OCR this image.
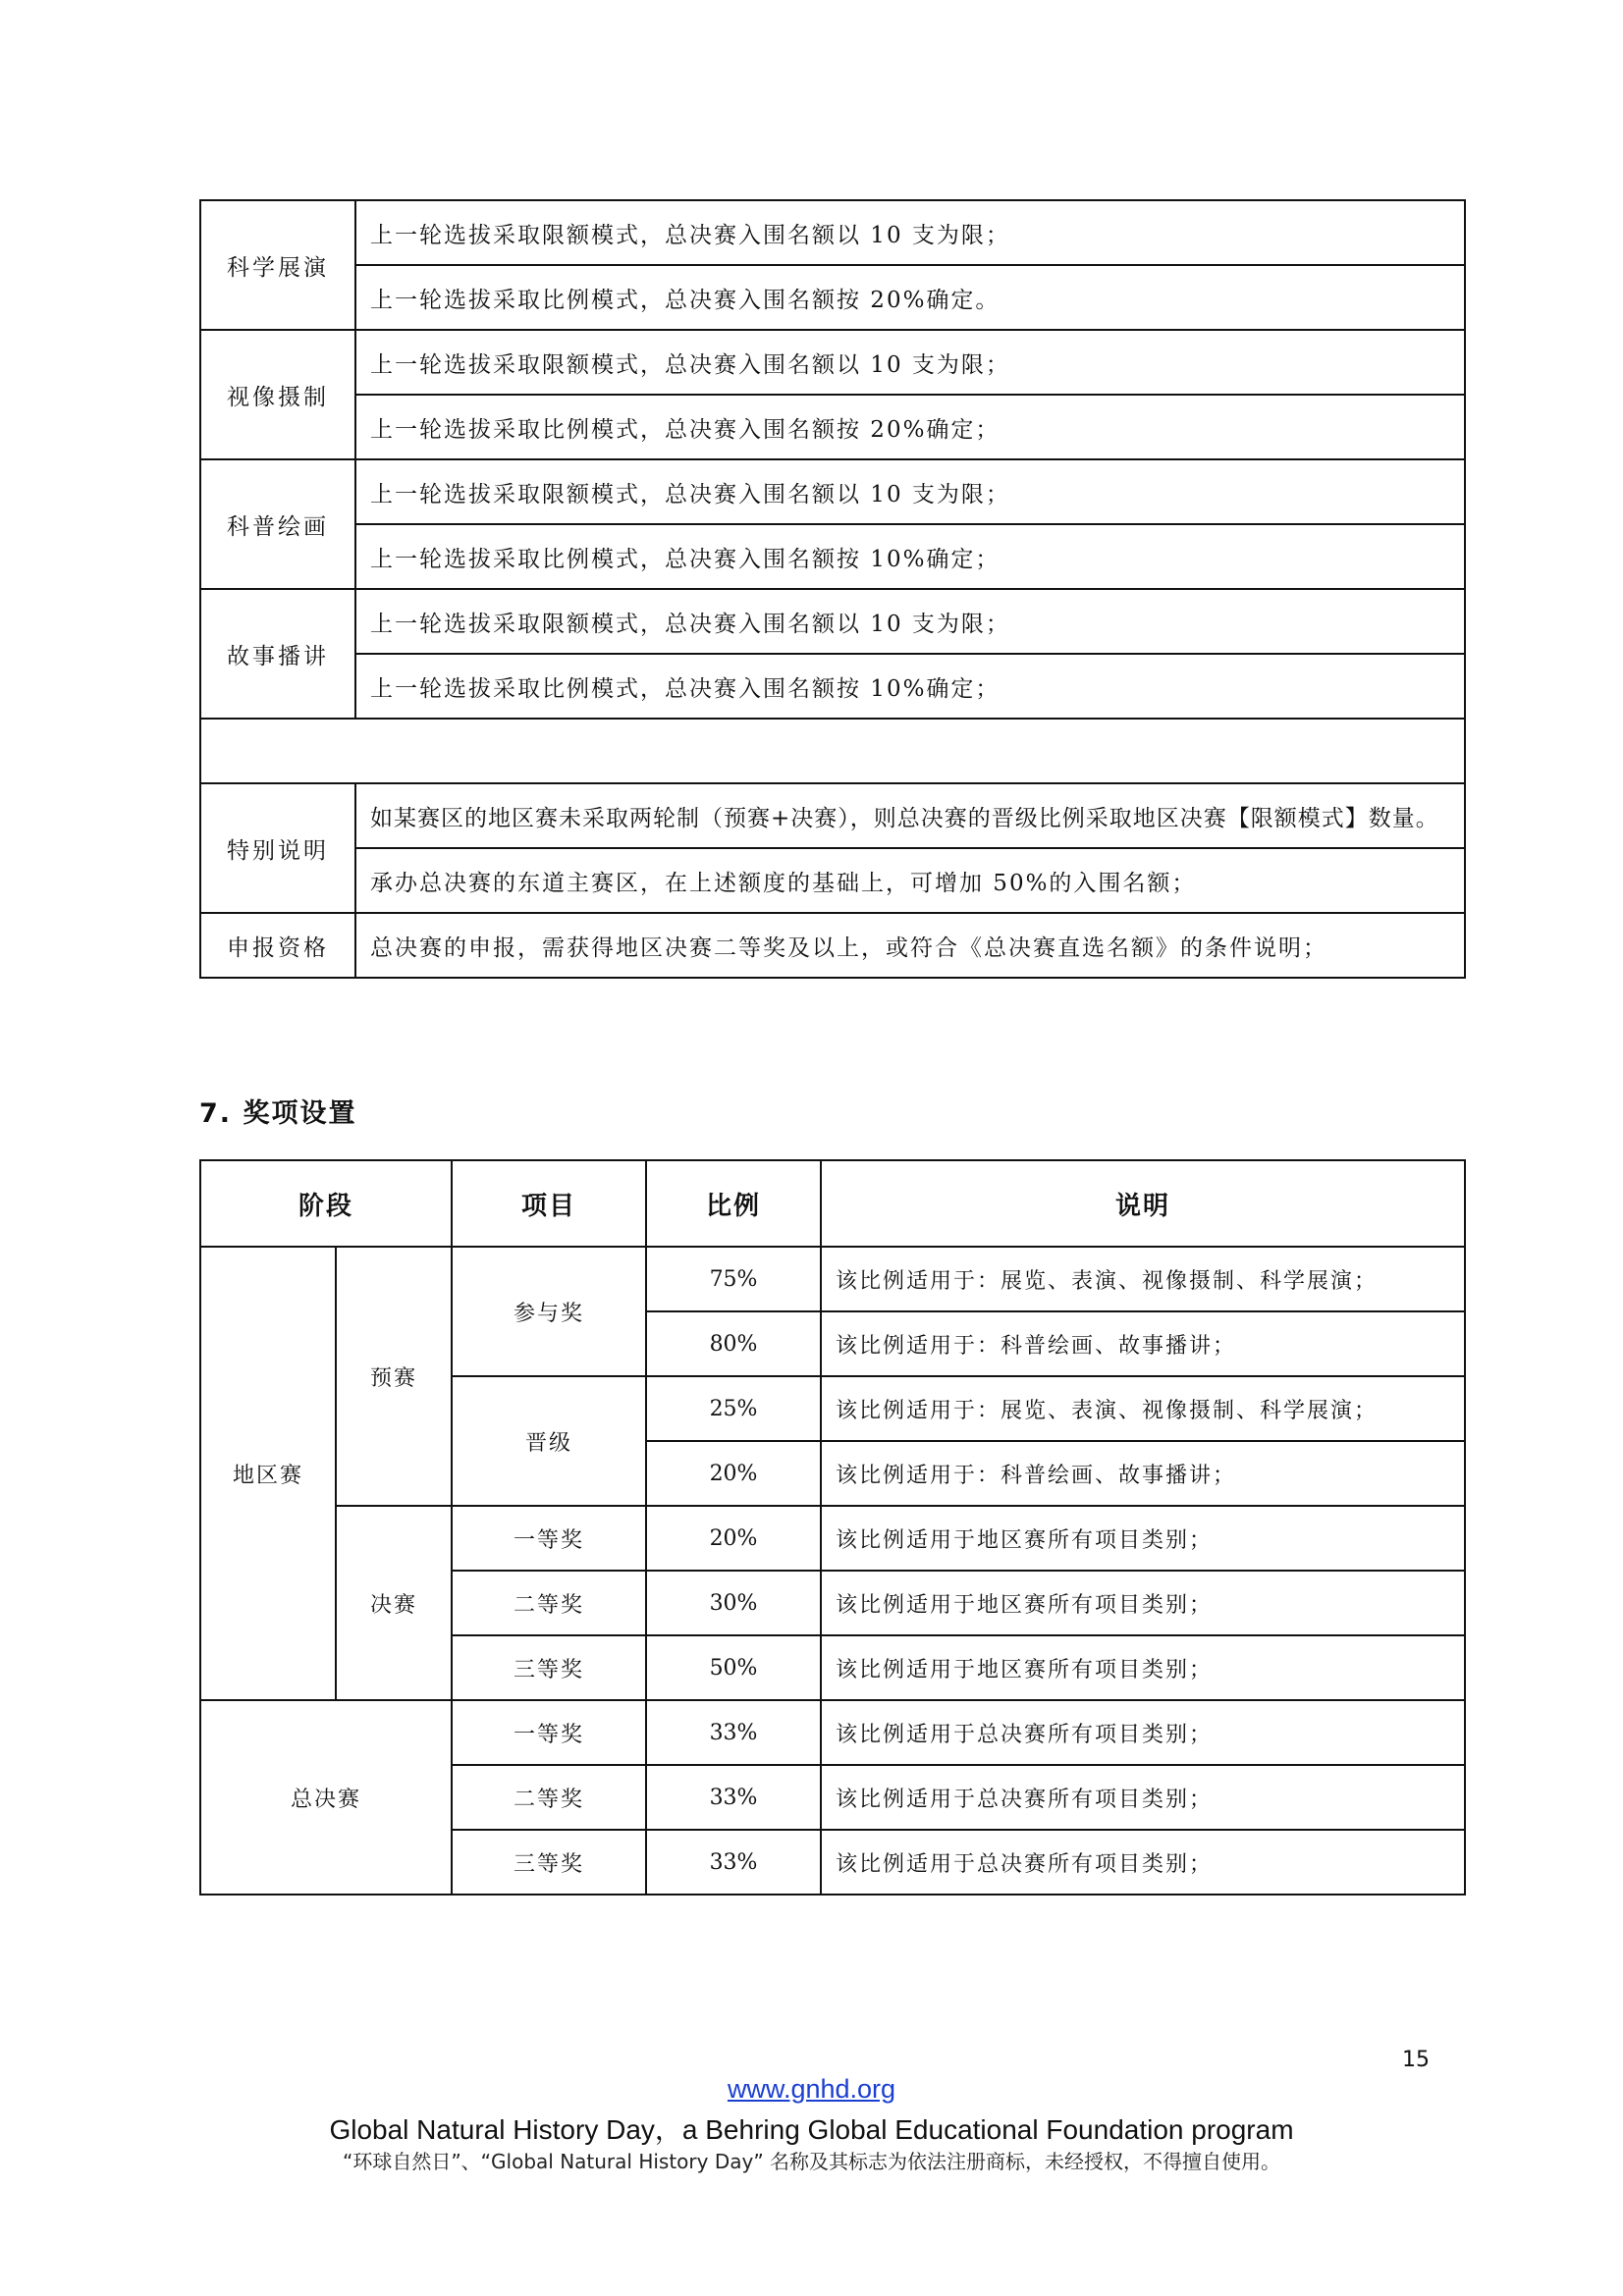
科学展演	上一轮选拔采取限额模式，总决赛入围名额以 10 支为限；
	上一轮选拔采取比例模式，总决赛入围名额按 20%确定。
视像摄制	上一轮选拔采取限额模式，总决赛入围名额以 10 支为限；
	上一轮选拔采取比例模式，总决赛入围名额按 20%确定；
科普绘画	上一轮选拔采取限额模式，总决赛入围名额以 10 支为限；
	上一轮选拔采取比例模式，总决赛入围名额按 10%确定；
故事播讲	上一轮选拔采取限额模式，总决赛入围名额以 10 支为限；
	上一轮选拔采取比例模式，总决赛入围名额按 10%确定；

特别说明	如某赛区的地区赛未采取两轮制（预赛+决赛），则总决赛的晋级比例采取地区决赛【限额模式】数量。
	承办总决赛的东道主赛区，在上述额度的基础上，可增加 50%的入围名额；
申报资格	总决赛的申报，需获得地区决赛二等奖及以上，或符合《总决赛直选名额》的条件说明；
7. 奖项设置
阶段		项目	比例	说明
地区赛	预赛	参与奖	75%	该比例适用于：展览、表演、视像摄制、科学展演；
			80%	该比例适用于：科普绘画、故事播讲；
		晋级	25%	该比例适用于：展览、表演、视像摄制、科学展演；
			20%	该比例适用于：科普绘画、故事播讲；
	决赛	一等奖	20%	该比例适用于地区赛所有项目类别；
		二等奖	30%	该比例适用于地区赛所有项目类别；
		三等奖	50%	该比例适用于地区赛所有项目类别；
总决赛		一等奖	33%	该比例适用于总决赛所有项目类别；
		二等奖	33%	该比例适用于总决赛所有项目类别；
		三等奖	33%	该比例适用于总决赛所有项目类别；
15
www.gnhd.org
Global Natural History Day，a Behring Global Educational Foundation program
“环球自然日”、“Global Natural History Day” 名称及其标志为依法注册商标，未经授权，不得擅自使用。
